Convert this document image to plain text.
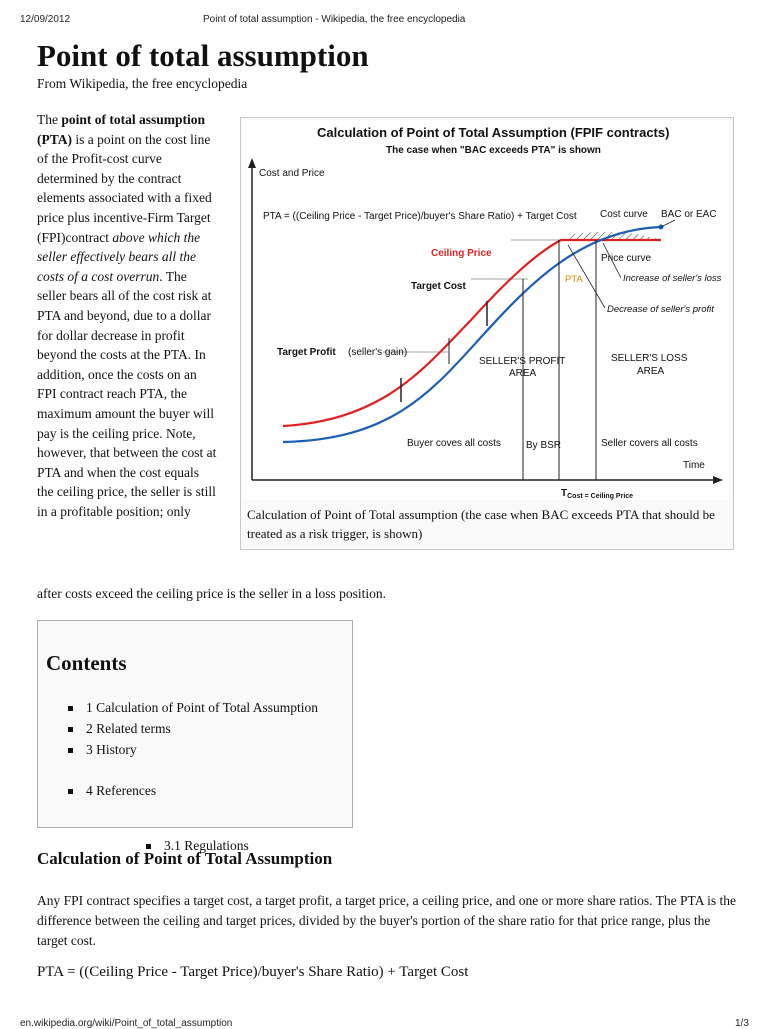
12/09/2012	Point of total assumption - Wikipedia, the free encyclopedia
Point of total assumption
From Wikipedia, the free encyclopedia
The point of total assumption (PTA) is a point on the cost line of the Profit-cost curve determined by the contract elements associated with a fixed price plus incentive-Firm Target (FPI)contract above which the seller effectively bears all the costs of a cost overrun. The seller bears all of the cost risk at PTA and beyond, due to a dollar for dollar decrease in profit beyond the costs at the PTA. In addition, once the costs on an FPI contract reach PTA, the maximum amount the buyer will pay is the ceiling price. Note, however, that between the cost at PTA and when the cost equals the ceiling price, the seller is still in a profitable position; only
after costs exceed the ceiling price is the seller in a loss position.
Calculation of Point of Total Assumption (FPIF contracts)
The case when "BAC exceeds PTA" is shown
Cost and Price
Time
PTA = ((Ceiling Price - Target Price)/buyer's Share Ratio) + Target Cost Cost curve BAC or EAC
Ceiling Price
PTA
Price curve
Increase of seller's loss
Decrease of seller's profit
Target Cost
Target Profit (seller's gain)
SELLER'S PROFIT
AREA
SELLER'S LOSS
AREA
Buyer coves all costs	By BSR	Seller covers all costs
$T_{Cost = Ceiling Price}$
Calculation of Point of Total assumption (the case when BAC exceeds PTA that should be treated as a risk trigger, is shown)
Contents
1 Calculation of Point of Total Assumption
2 Related terms
3 History
3.1 Regulations
4 References
Calculation of Point of Total Assumption
Any FPI contract specifies a target cost, a target profit, a target price, a ceiling price, and one or more share ratios. The PTA is the difference between the ceiling and target prices, divided by the buyer's portion of the share ratio for that price range, plus the target cost.
PTA = ((Ceiling Price - Target Price)/buyer's Share Ratio) + Target Cost
en.wikipedia.org/wiki/Point_of_total_assumption	1/3
